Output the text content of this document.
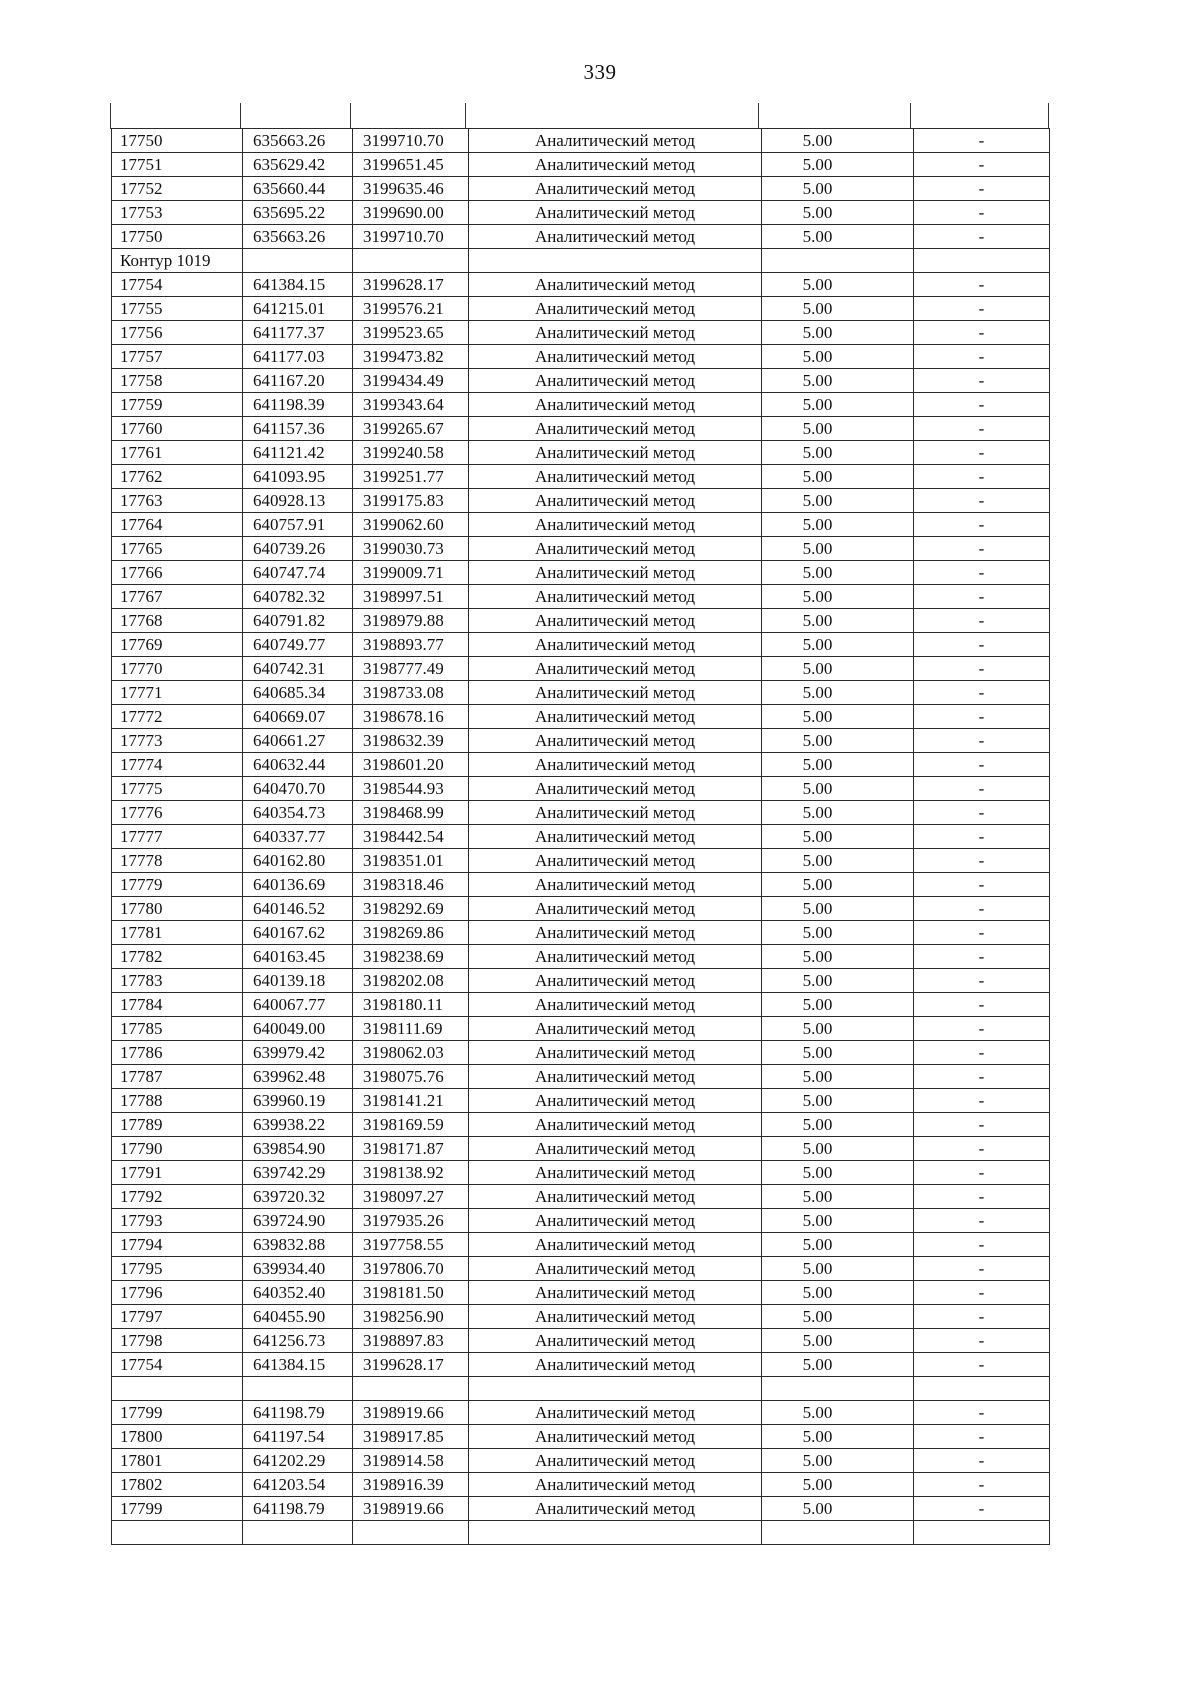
339
17750	635663.26	3199710.70	Аналитический метод	5.00	-
17751	635629.42	3199651.45	Аналитический метод	5.00	-
17752	635660.44	3199635.46	Аналитический метод	5.00	-
17753	635695.22	3199690.00	Аналитический метод	5.00	-
17750	635663.26	3199710.70	Аналитический метод	5.00	-
Контур 1019					
17754	641384.15	3199628.17	Аналитический метод	5.00	-
17755	641215.01	3199576.21	Аналитический метод	5.00	-
17756	641177.37	3199523.65	Аналитический метод	5.00	-
17757	641177.03	3199473.82	Аналитический метод	5.00	-
17758	641167.20	3199434.49	Аналитический метод	5.00	-
17759	641198.39	3199343.64	Аналитический метод	5.00	-
17760	641157.36	3199265.67	Аналитический метод	5.00	-
17761	641121.42	3199240.58	Аналитический метод	5.00	-
17762	641093.95	3199251.77	Аналитический метод	5.00	-
17763	640928.13	3199175.83	Аналитический метод	5.00	-
17764	640757.91	3199062.60	Аналитический метод	5.00	-
17765	640739.26	3199030.73	Аналитический метод	5.00	-
17766	640747.74	3199009.71	Аналитический метод	5.00	-
17767	640782.32	3198997.51	Аналитический метод	5.00	-
17768	640791.82	3198979.88	Аналитический метод	5.00	-
17769	640749.77	3198893.77	Аналитический метод	5.00	-
17770	640742.31	3198777.49	Аналитический метод	5.00	-
17771	640685.34	3198733.08	Аналитический метод	5.00	-
17772	640669.07	3198678.16	Аналитический метод	5.00	-
17773	640661.27	3198632.39	Аналитический метод	5.00	-
17774	640632.44	3198601.20	Аналитический метод	5.00	-
17775	640470.70	3198544.93	Аналитический метод	5.00	-
17776	640354.73	3198468.99	Аналитический метод	5.00	-
17777	640337.77	3198442.54	Аналитический метод	5.00	-
17778	640162.80	3198351.01	Аналитический метод	5.00	-
17779	640136.69	3198318.46	Аналитический метод	5.00	-
17780	640146.52	3198292.69	Аналитический метод	5.00	-
17781	640167.62	3198269.86	Аналитический метод	5.00	-
17782	640163.45	3198238.69	Аналитический метод	5.00	-
17783	640139.18	3198202.08	Аналитический метод	5.00	-
17784	640067.77	3198180.11	Аналитический метод	5.00	-
17785	640049.00	3198111.69	Аналитический метод	5.00	-
17786	639979.42	3198062.03	Аналитический метод	5.00	-
17787	639962.48	3198075.76	Аналитический метод	5.00	-
17788	639960.19	3198141.21	Аналитический метод	5.00	-
17789	639938.22	3198169.59	Аналитический метод	5.00	-
17790	639854.90	3198171.87	Аналитический метод	5.00	-
17791	639742.29	3198138.92	Аналитический метод	5.00	-
17792	639720.32	3198097.27	Аналитический метод	5.00	-
17793	639724.90	3197935.26	Аналитический метод	5.00	-
17794	639832.88	3197758.55	Аналитический метод	5.00	-
17795	639934.40	3197806.70	Аналитический метод	5.00	-
17796	640352.40	3198181.50	Аналитический метод	5.00	-
17797	640455.90	3198256.90	Аналитический метод	5.00	-
17798	641256.73	3198897.83	Аналитический метод	5.00	-
17754	641384.15	3199628.17	Аналитический метод	5.00	-

17799	641198.79	3198919.66	Аналитический метод	5.00	-
17800	641197.54	3198917.85	Аналитический метод	5.00	-
17801	641202.29	3198914.58	Аналитический метод	5.00	-
17802	641203.54	3198916.39	Аналитический метод	5.00	-
17799	641198.79	3198919.66	Аналитический метод	5.00	-
